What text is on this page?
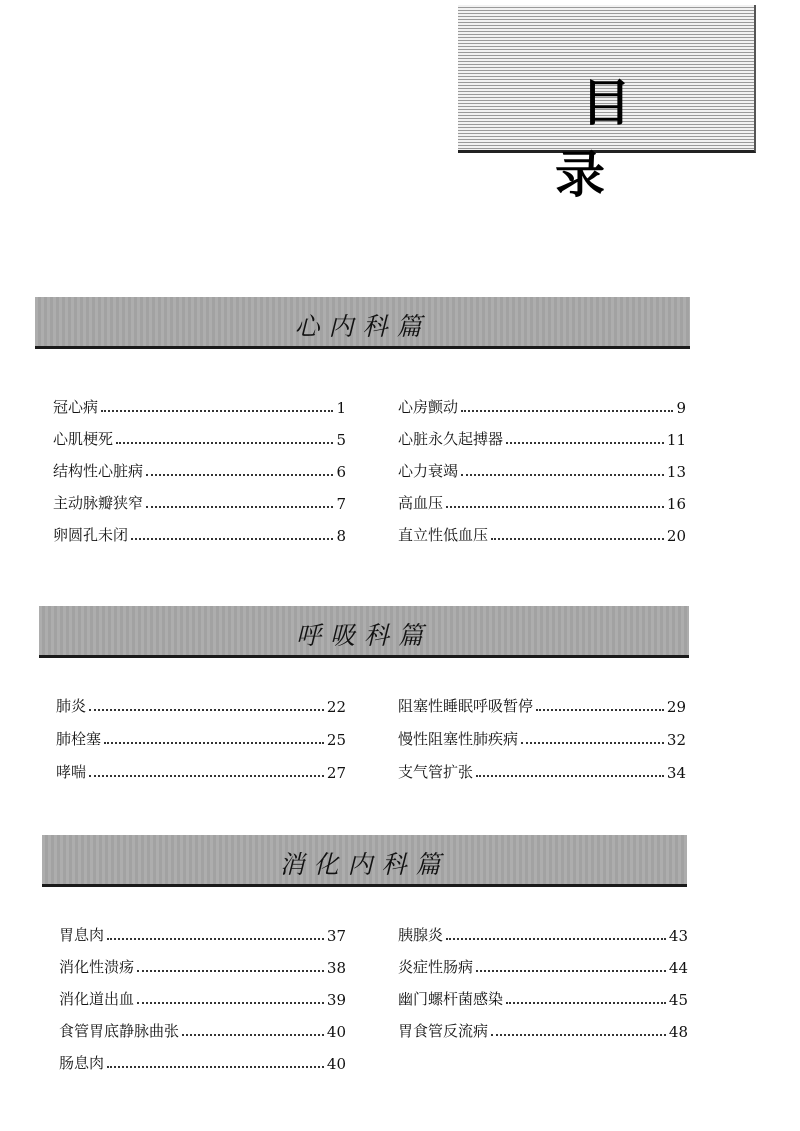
目 录
心内科篇
冠心病	1
心肌梗死	5
结构性心脏病	6
主动脉瓣狭窄	7
卵圆孔未闭	8
心房颤动	9
心脏永久起搏器	11
心力衰竭	13
高血压	16
直立性低血压	20
呼吸科篇
肺炎	22
肺栓塞	25
哮喘	27
阻塞性睡眠呼吸暂停	29
慢性阻塞性肺疾病	32
支气管扩张	34
消化内科篇
胃息肉	37
消化性溃疡	38
消化道出血	39
食管胃底静脉曲张	40
肠息肉	40
胰腺炎	43
炎症性肠病	44
幽门螺杆菌感染	45
胃食管反流病	48
